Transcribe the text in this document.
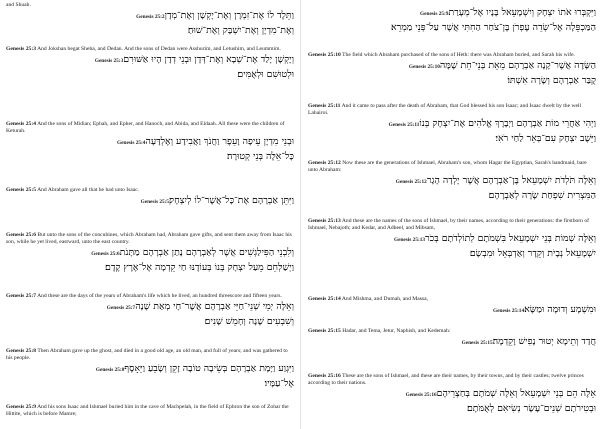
and Shuah.

וַתֵּלֶד לוֹ אֶת־זִמְרָן וְאֶת־יָקְשָׁן וְאֶת־מְדָןGenesis 25:2
וְאֶת־מִדְיָן וְאֶת־יִשְׁבָּק וְאֶת־שׁוּחַ׃

Genesis 25:3 And Jokshan begat Sheba, and Dedan. And the sons of Dedan were Asshurim, and Letushim, and Leummim.

וְיָקְשָׁן יָלַד אֶת־שְׁבָא וְאֶת־דְּדָן וּבְנֵי דְדָן הָיוּ אַשּׁוּרִםGenesis 25:3
וּלְטוּשִׁם וּלְאֻמִּים׃

Genesis 25:4 And the sons of Midian; Ephah, and Epher, and Hanoch, and Abida, and Eldaah. All these were the children of Keturah.

וּבְנֵי מִדְיָן עֵיפָה וָעֵפֶר וַחֲנֹךְ וַאֲבִידָע וְאֶלְדָּעָהGenesis 25:4
כָּל־אֵלֶּה בְּנֵי קְטוּרָה׃

Genesis 25:5 And Abraham gave all that he had unto Isaac.

וַיִּתֵּן אַבְרָהָם אֶת־כָּל־אֲשֶׁר־לוֹ לְיִצְחָק׃Genesis 25:5

Genesis 25:6 But unto the sons of the concubines, which Abraham had, Abraham gave gifts, and sent them away from Isaac his son, while he yet lived, eastward, unto the east country.

וְלִבְנֵי הַפִּילַגְשִׁים אֲשֶׁר לְאַבְרָהָם נָתַן אַבְרָהָם מַתָּנֹתGenesis 25:6
וַיְשַׁלְּחֵם מֵעַל יִצְחָק בְּנוֹ בְּעוֹדֶנּוּ חַי קֵדְמָה אֶל־אֶרֶץ קֶדֶם׃

Genesis 25:7 And these are the days of the years of Abraham's life which he lived, an hundred threescore and fifteen years.

וְאֵלֶּה יְמֵי שְׁנֵי־חַיֵּי אַבְרָהָם אֲשֶׁר־חָי מְאַת שָׁנָהGenesis 25:7
וְשִׁבְעִים שָׁנָה וְחָמֵשׁ שָׁנִים׃

Genesis 25:8 Then Abraham gave up the ghost, and died in a good old age, an old man, and full of years; and was gathered to his people.

וַיִּגְוַע וַיָּמָת אַבְרָהָם בְּשֵׂיבָה טוֹבָה זָקֵן וְשָׂבֵעַ וַיֵּאָסֶףGenesis 25:8
אֶל־עַמָּיו׃

Genesis 25:9 And his sons Isaac and Ishmael buried him in the cave of Machpelah, in the field of Ephron the son of Zohar the Hittite, which is before Mamre;

וַיִּקְבְּרוּ אֹתוֹ יִצְחָק וְיִשְׁמָעֵאל בָּנָיו אֶל־מְעָרַתGenesis 25:9
הַמַּכְפֵּלָה אֶל־שְׂדֵה עֶפְרֹן בֶּן־צֹחַר הַחִתִּי אֲשֶׁר עַל־פְּנֵי מַמְרֵא׃

Genesis 25:10 The field which Abraham purchased of the sons of Heth: there was Abraham buried, and Sarah his wife.

הַשָּׂדֶה אֲשֶׁר־קָנָה אַבְרָהָם מֵאֵת בְּנֵי־חֵת שָׁמָּהGenesis 25:10
קֻבַּר אַבְרָהָם וְשָׂרָה אִשְׁתּוֹ׃

Genesis 25:11 And it came to pass after the death of Abraham, that God blessed his son Isaac; and Isaac dwelt by the well Lahairoi.

וַיְהִי אַחֲרֵי מוֹת אַבְרָהָם וַיְבָרֶךְ אֱלֹהִים אֶת־יִצְחָק בְּנוֹGenesis 25:11
וַיֵּשֶׁב יִצְחָק עִם־בְּאֵר לַחַי רֹאִי׃

Genesis 25:12 Now these are the generations of Ishmael, Abraham's son, whom Hagar the Egyptian, Sarah's handmaid, bare unto Abraham:

וְאֵלֶּה תֹּלְדֹת יִשְׁמָעֵאל בֶּן־אַבְרָהָם אֲשֶׁר יָלְדָה הָגָרGenesis 25:12
הַמִּצְרִית שִׁפְחַת שָׂרָה לְאַבְרָהָם׃

Genesis 25:13 And these are the names of the sons of Ishmael, by their names, according to their generations: the firstborn of Ishmael, Nebajoth; and Kedar, and Adbeel, and Mibsam,

וְאֵלֶּה שְׁמוֹת בְּנֵי יִשְׁמָעֵאל בִּשְׁמֹתָם לְתוֹלְדֹתָם בְּכֹרGenesis 25:13
יִשְׁמָעֵאל נְבָיֹת וְקֵדָר וְאַדְבְּאֵל וּמִבְשָׂם׃

Genesis 25:14 And Mishma, and Dumah, and Massa,

וּמִשְׁמָע וְדוּמָה וּמַשָּׂא׃Genesis 25:14

Genesis 25:15 Hadar, and Tema, Jetur, Naphish, and Kedemah:

חֲדַד וְתֵימָא יְטוּר נָפִישׁ וָקֵדְמָה׃Genesis 25:15

Genesis 25:16 These are the sons of Ishmael, and these are their names, by their towns, and by their castles; twelve princes according to their nations.

אֵלֶּה הֵם בְּנֵי יִשְׁמָעֵאל וְאֵלֶּה שְׁמֹתָם בְּחַצְרֵיהֶםGenesis 25:16
וּבְטִירֹתָם שְׁנֵים־עָשָׂר נְשִׂיאִם לְאֻמֹּתָם׃
